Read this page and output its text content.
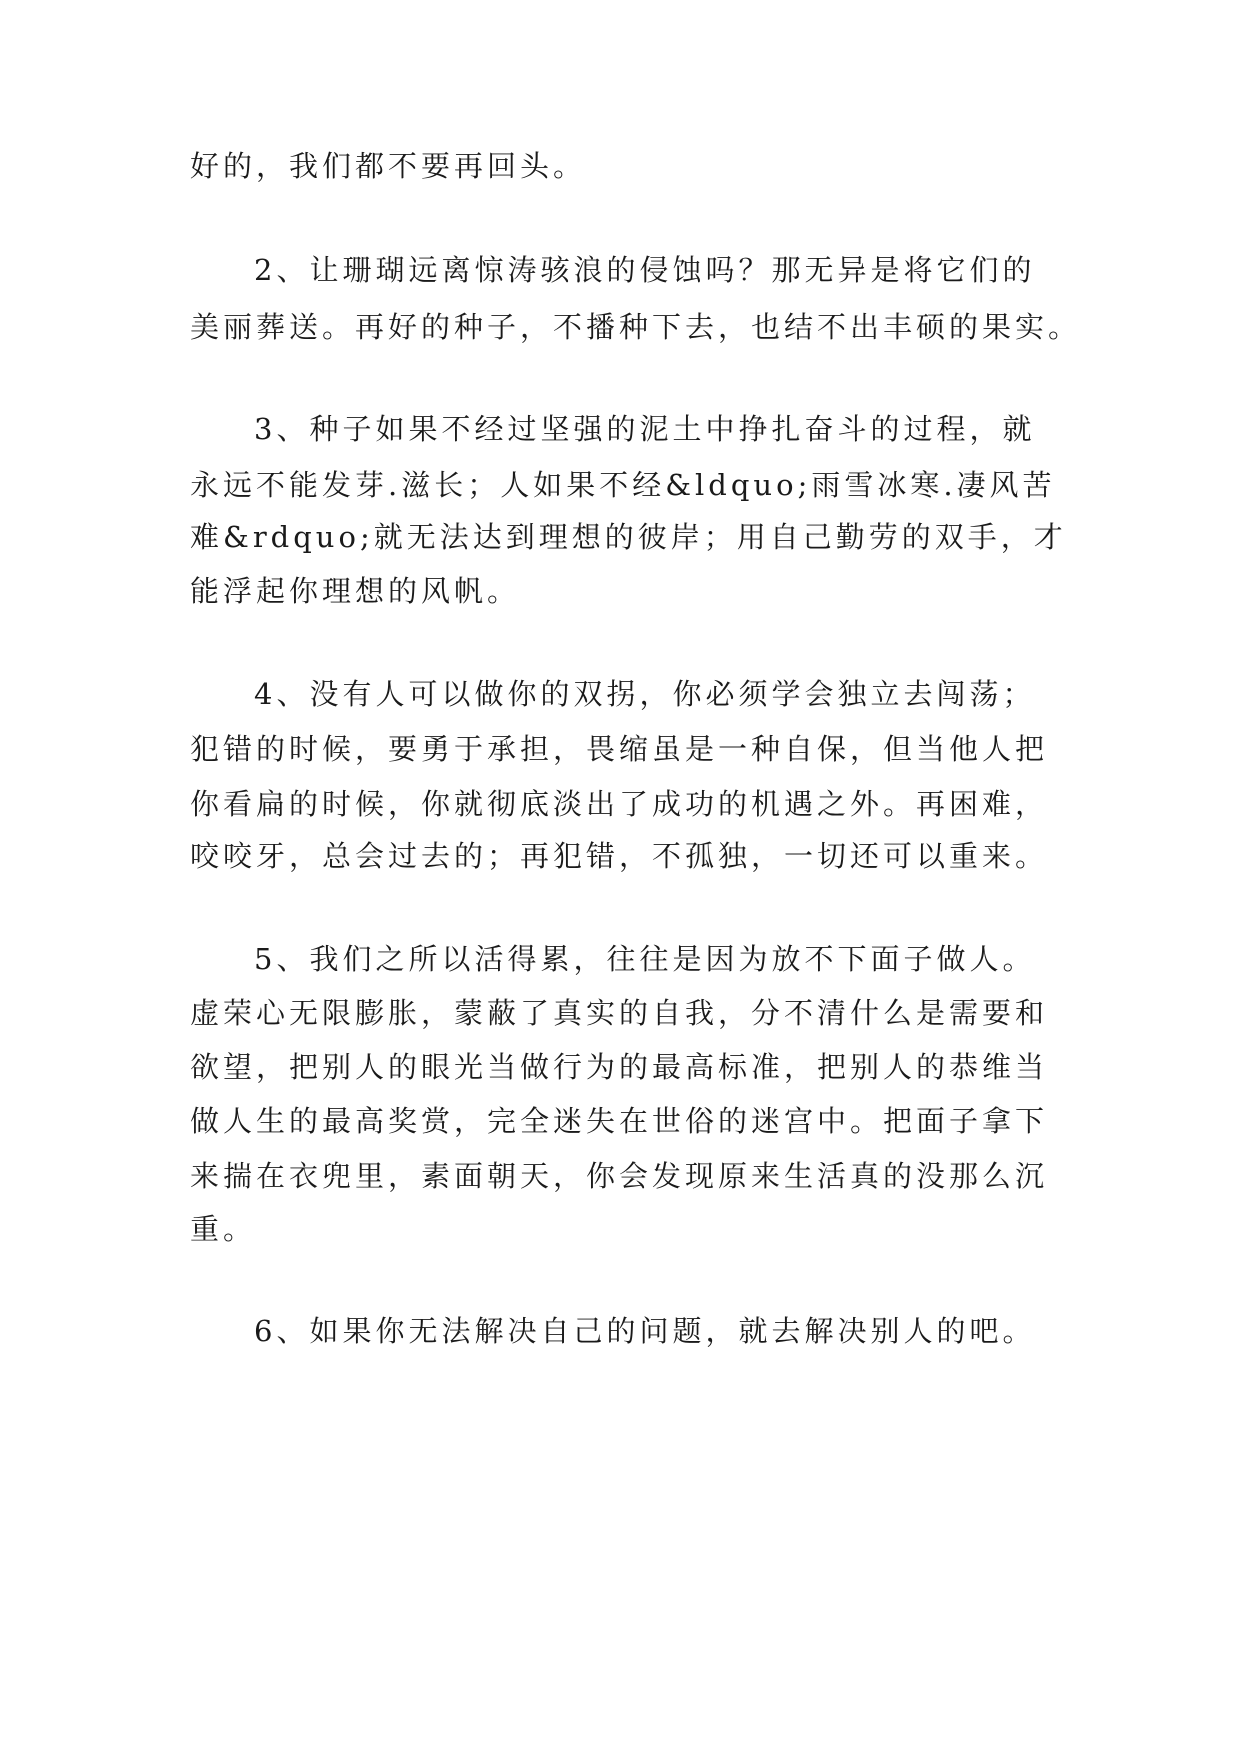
好的，我们都不要再回头。
2、让珊瑚远离惊涛骇浪的侵蚀吗？那无异是将它们的
美丽葬送。再好的种子，不播种下去，也结不出丰硕的果实。
3、种子如果不经过坚强的泥土中挣扎奋斗的过程，就
永远不能发芽.滋长；人如果不经&ldquo;雨雪冰寒.凄风苦
难&rdquo;就无法达到理想的彼岸；用自己勤劳的双手，才
能浮起你理想的风帆。
4、没有人可以做你的双拐，你必须学会独立去闯荡；
犯错的时候，要勇于承担，畏缩虽是一种自保，但当他人把
你看扁的时候，你就彻底淡出了成功的机遇之外。再困难，
咬咬牙，总会过去的；再犯错，不孤独，一切还可以重来。
5、我们之所以活得累，往往是因为放不下面子做人。
虚荣心无限膨胀，蒙蔽了真实的自我，分不清什么是需要和
欲望，把别人的眼光当做行为的最高标准，把别人的恭维当
做人生的最高奖赏，完全迷失在世俗的迷宫中。把面子拿下
来揣在衣兜里，素面朝天，你会发现原来生活真的没那么沉
重。
6、如果你无法解决自己的问题，就去解决别人的吧。
